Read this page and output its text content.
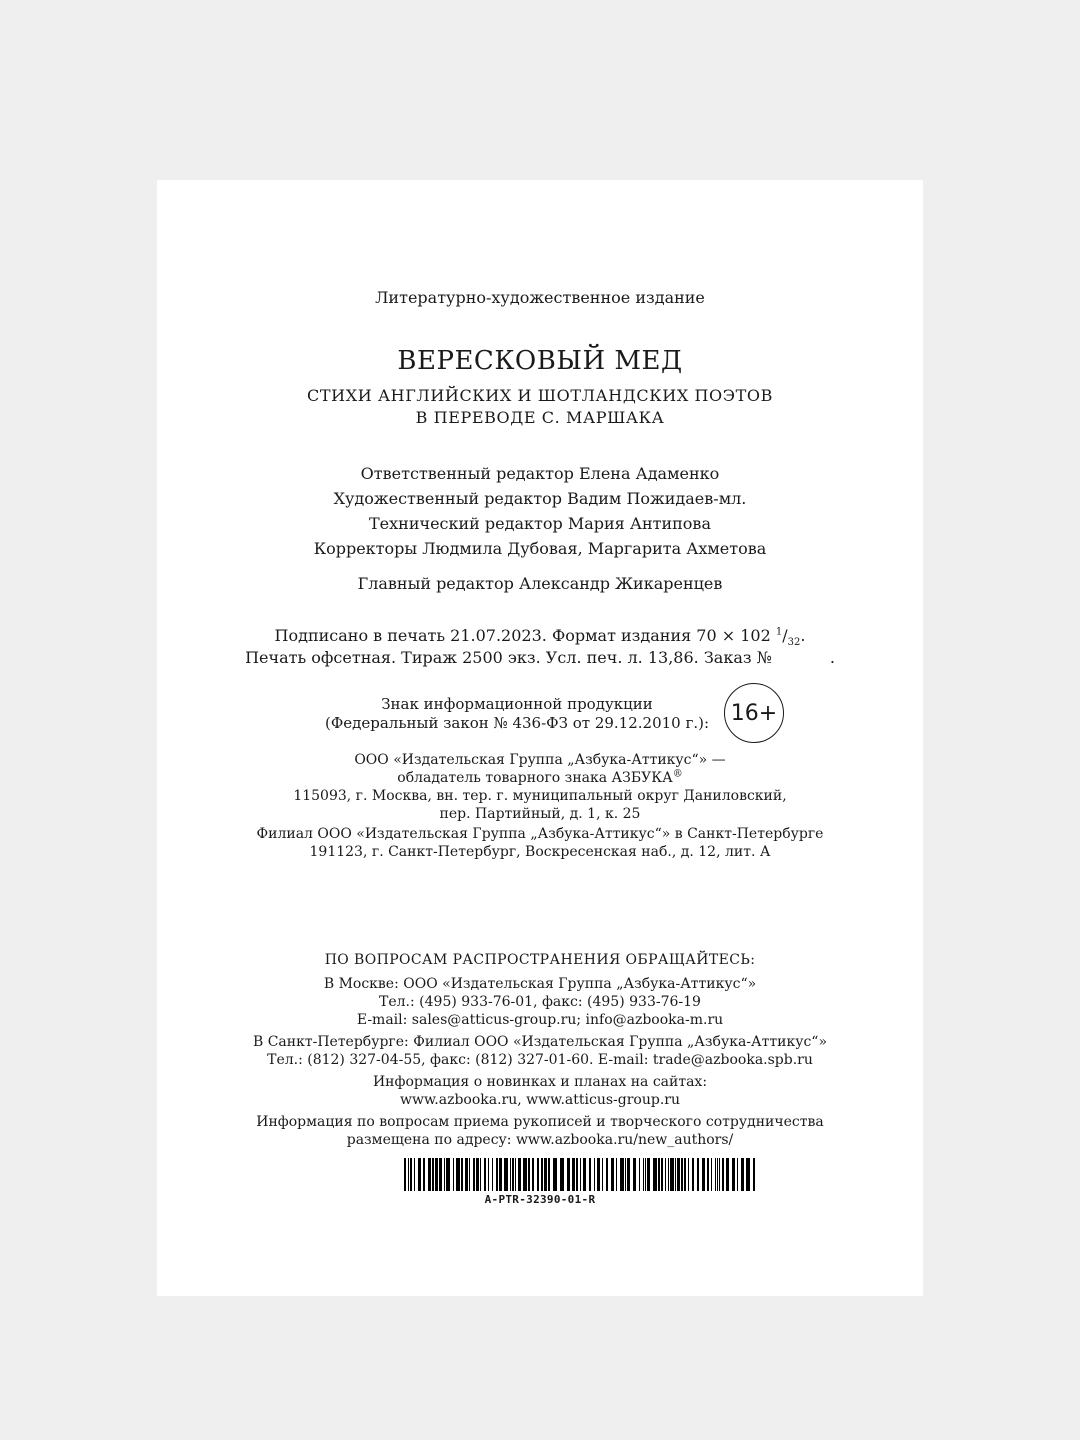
Литературно-художественное издание
ВЕРЕСКОВЫЙ МЕД
СТИХИ АНГЛИЙСКИХ И ШОТЛАНДСКИХ ПОЭТОВ
В ПЕРЕВОДЕ С. МАРШАКА
Ответственный редактор Елена Адаменко
Художественный редактор Вадим Пожидаев-мл.
Технический редактор Мария Антипова
Корректоры Людмила Дубовая, Маргарита Ахметова
Главный редактор Александр Жикаренцев
Подписано в печать 21.07.2023. Формат издания 70 × 102 $^1/_{32}$.
Печать офсетная. Тираж 2500 экз. Усл. печ. л. 13,86. Заказ №	.
Знак информационной продукции
(Федеральный закон № 436-ФЗ от 29.12.2010 г.): 16+
ООО «Издательская Группа „Азбука-Аттикус“» —
обладатель товарного знака АЗБУКА®
115093, г. Москва, вн. тер. г. муниципальный округ Даниловский,
пер. Партийный, д. 1, к. 25
Филиал ООО «Издательская Группа „Азбука-Аттикус“» в Санкт-Петербурге
191123, г. Санкт-Петербург, Воскресенская наб., д. 12, лит. А
ПО ВОПРОСАМ РАСПРОСТРАНЕНИЯ ОБРАЩАЙТЕСЬ:
В Москве: ООО «Издательская Группа „Азбука-Аттикус“»
Тел.: (495) 933-76-01, факс: (495) 933-76-19
E-mail: sales@atticus-group.ru; info@azbooka-m.ru
В Санкт-Петербурге: Филиал ООО «Издательская Группа „Азбука-Аттикус“»
Тел.: (812) 327-04-55, факс: (812) 327-01-60. E-mail: trade@azbooka.spb.ru
Информация о новинках и планах на сайтах:
www.azbooka.ru, www.atticus-group.ru
Информация по вопросам приема рукописей и творческого сотрудничества
размещена по адресу: www.azbooka.ru/new_authors/
A-PTR-32390-01-R
